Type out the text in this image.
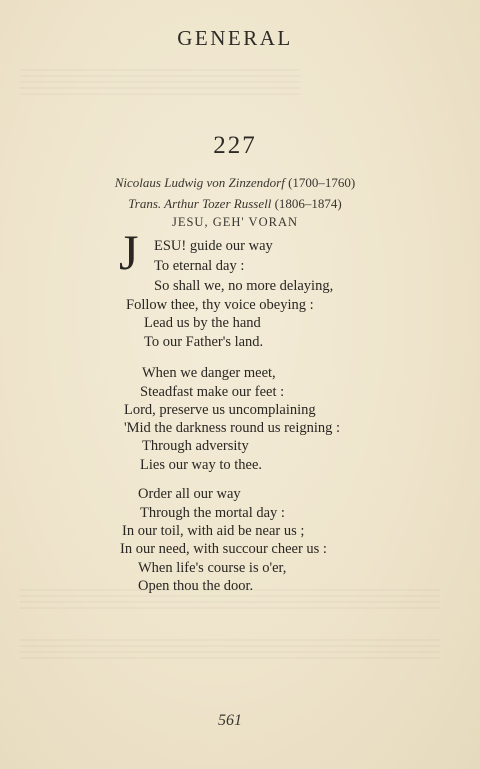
GENERAL
227
Nicolaus Ludwig von Zinzendorf (1700–1760)
Trans. Arthur Tozer Russell (1806–1874)
JESU, GEH' VORAN
J ESU! guide our way
To eternal day :
So shall we, no more delaying,
Follow thee, thy voice obeying :
Lead us by the hand
To our Father's land.
When we danger meet,
Steadfast make our feet :
Lord, preserve us uncomplaining
'Mid the darkness round us reigning :
Through adversity
Lies our way to thee.
Order all our way
Through the mortal day :
In our toil, with aid be near us ;
In our need, with succour cheer us :
When life's course is o'er,
Open thou the door.
561
